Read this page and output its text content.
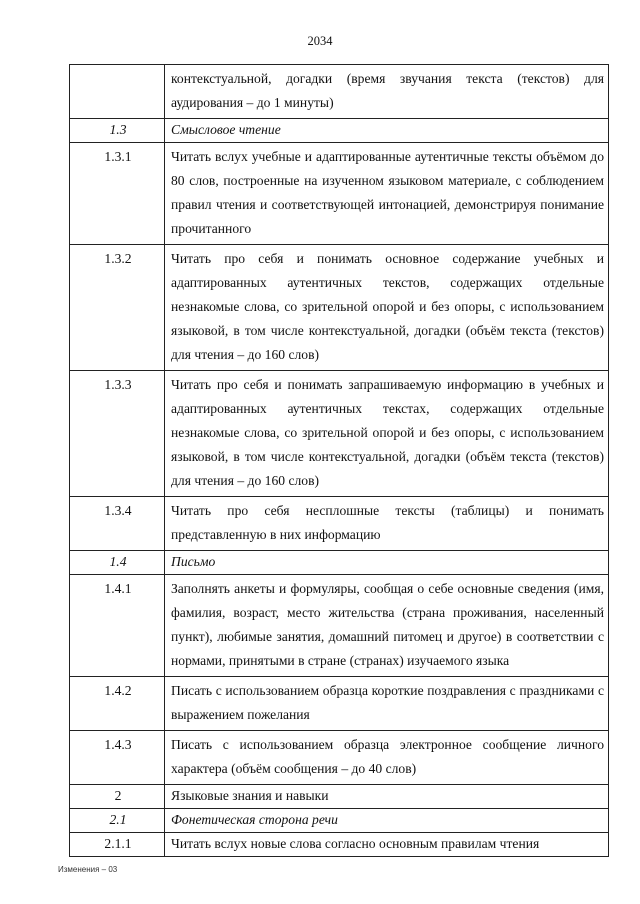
2034
	контекстуальной, догадки (время звучания текста (текстов) для аудирования – до 1 минуты)
1.3	Смысловое чтение
1.3.1	Читать вслух учебные и адаптированные аутентичные тексты объёмом до 80 слов, построенные на изученном языковом материале, с соблюдением правил чтения и соответствующей интонацией, демонстрируя понимание прочитанного
1.3.2	Читать про себя и понимать основное содержание учебных и адаптированных аутентичных текстов, содержащих отдельные незнакомые слова, со зрительной опорой и без опоры, с использованием языковой, в том числе контекстуальной, догадки (объём текста (текстов) для чтения – до 160 слов)
1.3.3	Читать про себя и понимать запрашиваемую информацию в учебных и адаптированных аутентичных текстах, содержащих отдельные незнакомые слова, со зрительной опорой и без опоры, с использованием языковой, в том числе контекстуальной, догадки (объём текста (текстов) для чтения – до 160 слов)
1.3.4	Читать про себя несплошные тексты (таблицы) и понимать представленную в них информацию
1.4	Письмо
1.4.1	Заполнять анкеты и формуляры, сообщая о себе основные сведения (имя, фамилия, возраст, место жительства (страна проживания, населенный пункт), любимые занятия, домашний питомец и другое) в соответствии с нормами, принятыми в стране (странах) изучаемого языка
1.4.2	Писать с использованием образца короткие поздравления с праздниками с выражением пожелания
1.4.3	Писать с использованием образца электронное сообщение личного характера (объём сообщения – до 40 слов)
2	Языковые знания и навыки
2.1	Фонетическая сторона речи
2.1.1	Читать вслух новые слова согласно основным правилам чтения
Изменения – 03
